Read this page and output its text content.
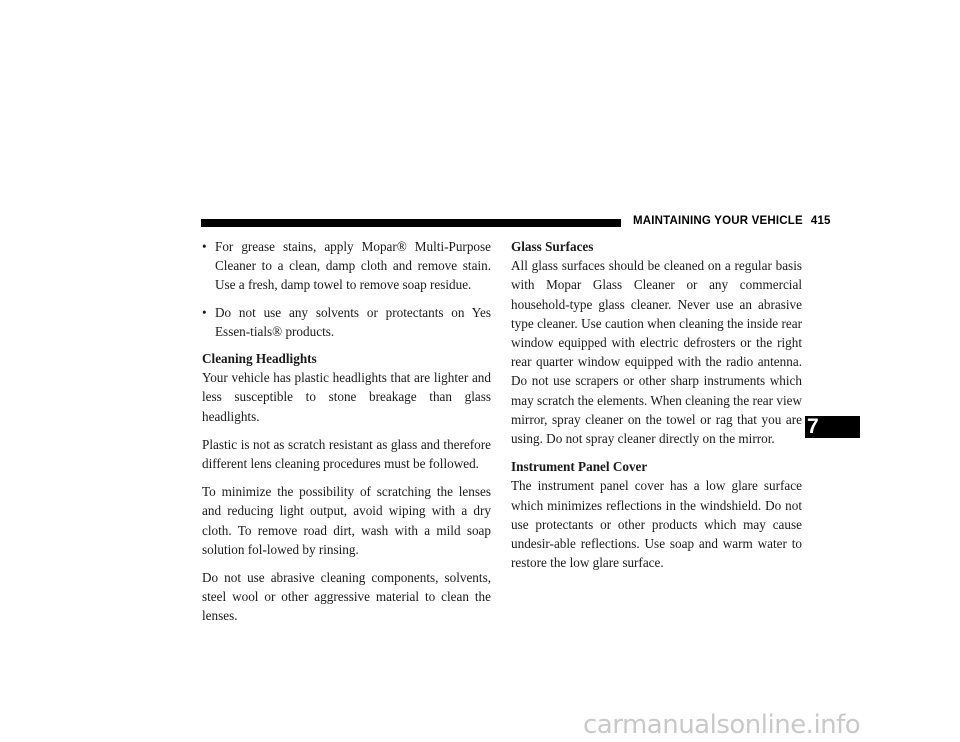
MAINTAINING YOUR VEHICLE 415
• For grease stains, apply Mopar® Multi-Purpose Cleaner to a clean, damp cloth and remove stain. Use a fresh, damp towel to remove soap residue.
• Do not use any solvents or protectants on Yes Essen-tials® products.

Cleaning Headlights
Your vehicle has plastic headlights that are lighter and less susceptible to stone breakage than glass headlights.

Plastic is not as scratch resistant as glass and therefore different lens cleaning procedures must be followed.

To minimize the possibility of scratching the lenses and reducing light output, avoid wiping with a dry cloth. To remove road dirt, wash with a mild soap solution fol-lowed by rinsing.

Do not use abrasive cleaning components, solvents, steel wool or other aggressive material to clean the lenses.

Glass Surfaces
All glass surfaces should be cleaned on a regular basis with Mopar Glass Cleaner or any commercial household-type glass cleaner. Never use an abrasive type cleaner. Use caution when cleaning the inside rear window equipped with electric defrosters or the right rear quarter window equipped with the radio antenna. Do not use scrapers or other sharp instruments which may scratch the elements. When cleaning the rear view mirror, spray cleaner on the towel or rag that you are using. Do not spray cleaner directly on the mirror.

Instrument Panel Cover
The instrument panel cover has a low glare surface which minimizes reflections in the windshield. Do not use protectants or other products which may cause undesir-able reflections. Use soap and warm water to restore the low glare surface.

7
carmanualsonline.info
